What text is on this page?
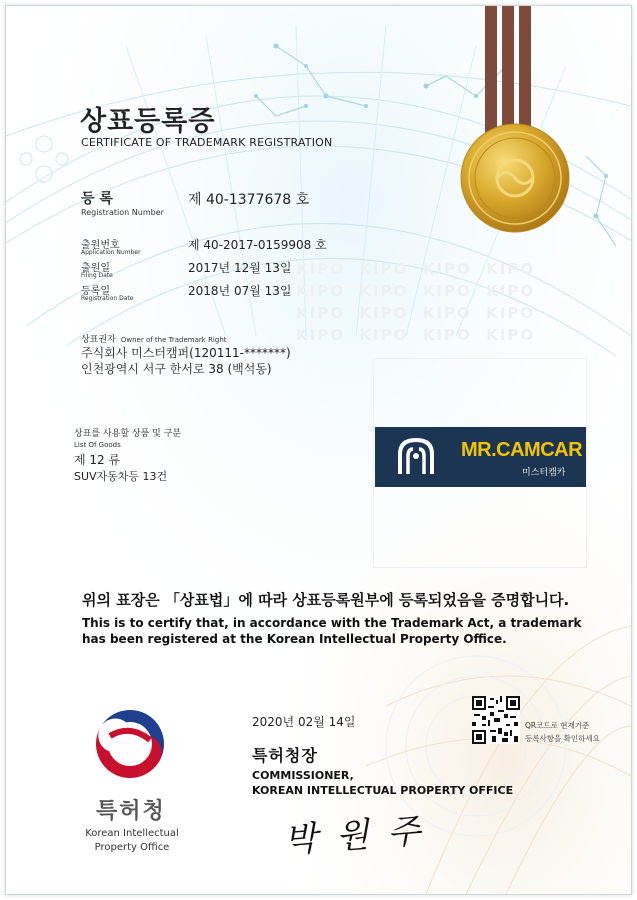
KIPO KIPO KIPO KIPO
KIPO KIPO KIPO KIPO
KIPO KIPO KIPO KIPO
KIPO KIPO KIPO KIPO
상표등록증
CERTIFICATE OF TRADEMARK REGISTRATION
등 록
Registration Number
제 40-1377678 호
출원번호
Application Number
제 40-2017-0159908 호
출원일
Filing Date
2017년 12월 13일
등록일
Registration Date
2018년 07월 13일
상표권자 Owner of the Trademark Right
주식회사 미스터캠퍼(120111-*******)
인천광역시 서구 한서로 38 (백석동)
MR.CAMCAR
미스터캠카
상표를 사용할 상품 및 구분
List Of Goods
제 12 류
SUV자동차등 13건
위의 표장은 「상표법」에 따라 상표등록원부에 등록되었음을 증명합니다.
This is to certify that, in accordance with the Trademark Act, a trademark
has been registered at the Korean Intellectual Property Office.
특허청
Korean Intellectual
Property Office
2020년 02월 14일	QR코드로 현재기준
등록사항을 확인하세요
특허청장
COMMISSIONER,
KOREAN INTELLECTUAL PROPERTY OFFICE
박 원 주
